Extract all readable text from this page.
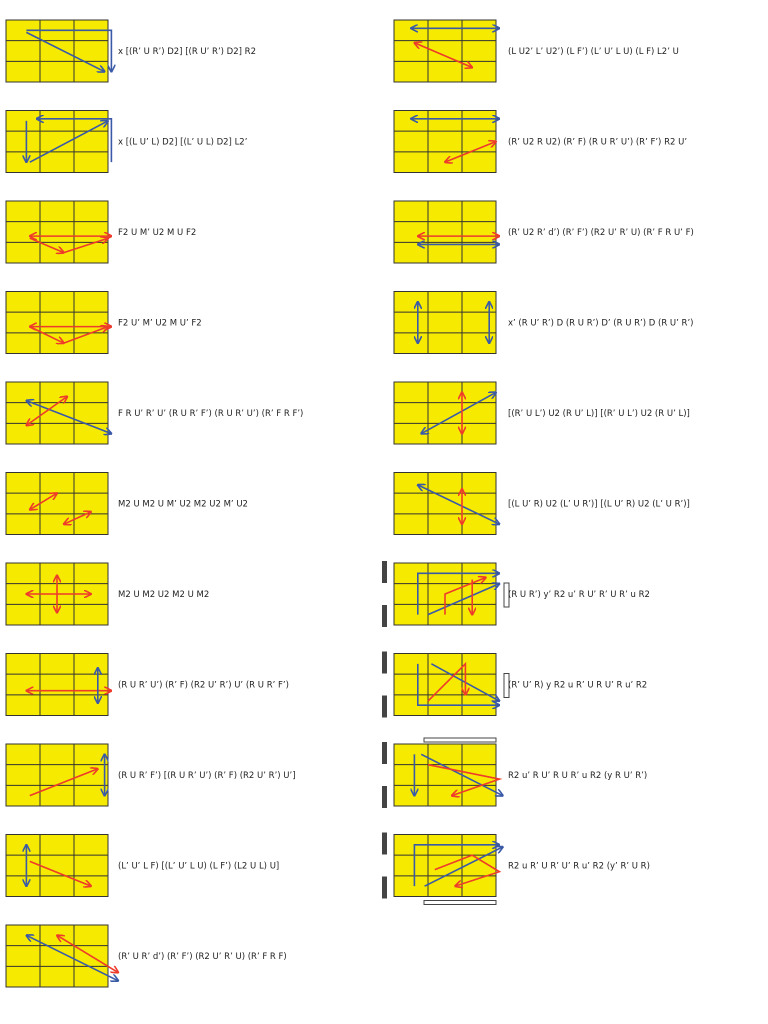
x [(R’ U R’) D2] [(R U’ R’) D2] R2
x [(L U’ L) D2] [(L’ U L) D2] L2’
F2 U M’ U2 M U F2
F2 U’ M’ U2 M U’ F2
F R U’ R’ U’ (R U R’ F’) (R U R’ U’) (R’ F R F’)
M2 U M2 U M’ U2 M2 U2 M’ U2
M2 U M2 U2 M2 U M2
(R U R’ U’) (R’ F) (R2 U’ R’) U’ (R U R’ F’)
(R U R’ F’) [(R U R’ U’) (R’ F) (R2 U’ R’) U’]
(L’ U’ L F) [(L’ U’ L U) (L F’) (L2 U L) U]
(R’ U R’ d’) (R’ F’) (R2 U’ R’ U) (R’ F R F)
(L U2’ L’ U2’) (L F’) (L’ U’ L U) (L F) L2’ U
(R’ U2 R U2) (R’ F) (R U R’ U’) (R’ F’) R2 U’
(R’ U2 R’ d’) (R’ F’) (R2 U’ R’ U) (R’ F R U’ F)
x’ (R U’ R’) D (R U R’) D’ (R U R’) D (R U’ R’)
[(R’ U L’) U2 (R U’ L)] [(R’ U L’) U2 (R U’ L)]
[(L U’ R) U2 (L’ U R’)] [(L U’ R) U2 (L’ U R’)]
(R U R’) y’ R2 u’ R U’ R’ U R’ u R2
(R’ U’ R) y R2 u R’ U R U’ R u’ R2
R2 u’ R U’ R U R’ u R2 (y R U’ R’)
R2 u R’ U R’ U’ R u’ R2 (y’ R’ U R)
